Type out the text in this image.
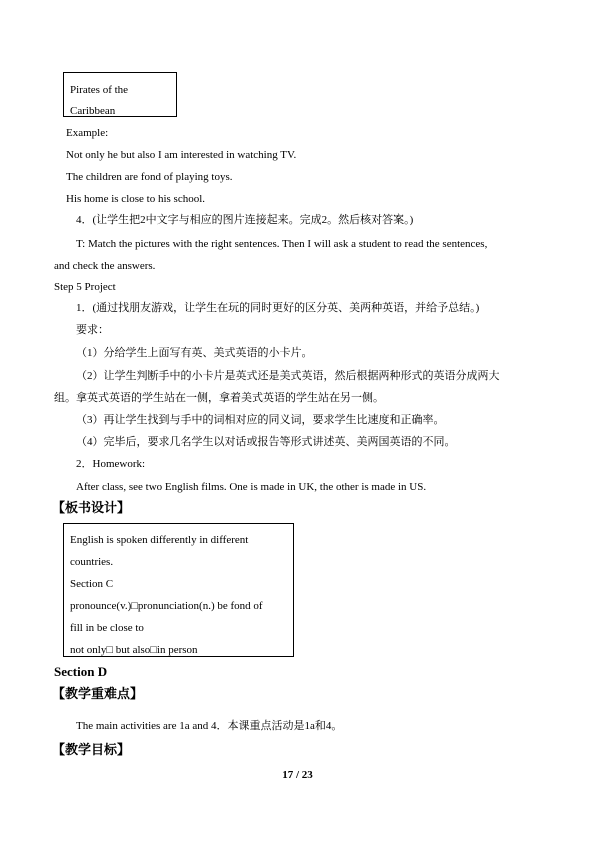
Pirates of the
Caribbean
Example:
Not only he but also I am interested in watching TV.
The children are fond of playing toys.
His home is close to his school.
4．(让学生把2中文字与相应的图片连接起来。完成2。然后核对答案。)
T: Match the pictures with the right sentences. Then I will ask a student to read the sentences,
and check the answers.
Step 5 Project
1．(通过找朋友游戏，让学生在玩的同时更好的区分英、美两种英语，并给予总结。)
要求：
（1）分给学生上面写有英、美式英语的小卡片。
（2）让学生判断手中的小卡片是英式还是美式英语，然后根据两种形式的英语分成两大
组。拿英式英语的学生站在一侧，拿着美式英语的学生站在另一侧。
（3）再让学生找到与手中的词相对应的同义词，要求学生比速度和正确率。
（4）完毕后，要求几名学生以对话或报告等形式讲述英、美两国英语的不同。
2．Homework:
After class, see two English films. One is made in UK, the other is made in US.
【板书设计】
English is spoken differently in different
countries.
Section C
pronounce(v.)□pronunciation(n.) be fond of
fill in be close to
not only□ but also□in person
Section D
【教学重难点】
The main activities are 1a and 4．本课重点活动是1a和4。
【教学目标】
17 / 23
